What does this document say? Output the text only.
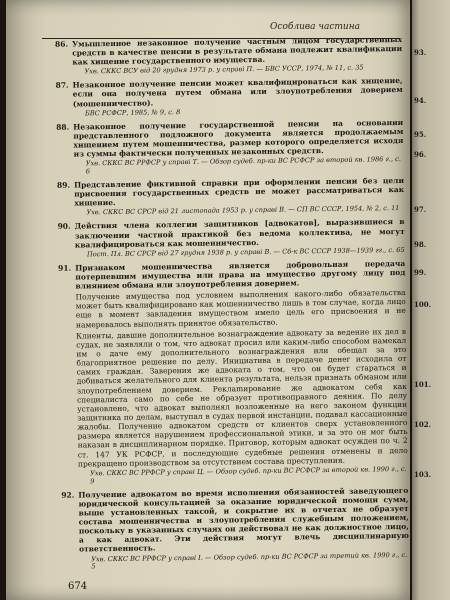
Особлива частина
86. Умышленное незаконное получение частным лицом государственных средств в качестве пенсии в результате обмана подлежит квалификации как хищение государственного имущества.

Ухв. СККС ВСУ від 20 грудня 1973 р. у справі П. — БВС УССР, 1974, № 11, с. 35

87. Незаконное получение пенсии может квалифицироваться как хищение, если она получена путем обмана или злоупотребления доверием (мошенничество).

БВС РСФСР, 1985, № 9, с. 8

88. Незаконное получение государственной пенсии на основании представленного подложного документа является продолжаемым хищением путем мошенничества, размер которого определяется исходя из суммы фактически полученных незаконных средств.

Ухв. СККС ВС РРФСР у справі Т. — Обзор судеб. пр-ки ВС РСФСР за второй кв. 1986 г., с. 6

89. Представление фиктивной справки при оформлении пенсии без цели присвоения государственных средств не может рассматриваться как хищение.

Ухв. СККС ВС СРСР від 21 листопада 1953 р. у справі В. — СП ВС СССР, 1954, № 2, с. 11

90. Действия члена коллегии защитников [адвокатов], выразившиеся в заключении частной практикой без ведома коллектива, не могут квалифицироваться как мошенничество.

Пост. Пл. ВС СРСР від 27 грудня 1938 р. у справі В. — Сб-к ВС СССР 1938—1939 гг., с. 65

91. Признаком мошенничества является добровольная передача потерпевшим имущества или права на имущество другому лицу под влиянием обмана или злоупотребления доверием.

Получение имущества под условием выполнения какого-либо обязательства может быть квалифицировано как мошенничество лишь в том случае, когда лицо еще в момент завладения имуществом имело цель его присвоения и не намеревалось выполнять принятое обязательство.

Клиенты, давшие дополнительное вознаграждение адвокату за ведение их дел в судах, не заявляли о том, что адвокат просил или каким-либо способом намекал им о даче ему дополнительного вознаграждения или обещал за это благоприятное решение по делу. Инициатива в передаче денег исходила от самих граждан. Заверения же адвоката о том, что он будет стараться и добиваться желательного для клиента результата, нельзя признать обманом или злоупотреблением доверием. Реклamирование же адвокатом себя как специалиста само по себе не образует противоправного деяния. По делу установлено, что адвокат выполнял возложенные на него законом функции защитника по делам, выступал в судах первой инстанции, подавал кассационные жалобы. Получение адвокатом средств от клиентов сверх установленного размера является нарушением профессиональной этики, и за это он мог быть наказан в дисциплинарном порядке. Приговор, которым адвокат осужден по ч. 2 ст. 147 УК РСФСР, и последующие судебные решения отменены и дело прекращено производством за отсутствием состава преступления.

Ухв. СККС ВС РРФСР у справі Ц. — Обзор судеб. пр-ки ВС РСФСР за второй кв. 1990 г., с. 9

92. Получение адвокатом во время исполнения обязанностей заведующего юридической консультацией за оказание юридической помощи сумм, выше установленных таксой, и сокрытие их в отчетах не образует состава мошенничества и злоупотребления служебным положением, поскольку в указанных случаях он действовал не как должностное лицо, а как адвокат. Эти действия могут влечь дисциплинарную ответственность.

Ухв. СККС ВС РРФСР у справі I. — Обзор судеб. пр-ки ВС РСФСР за третий кв. 1990 г., с. 5

674
93.
94.
95.
96.
97.
98.
99.
100.
101.
102.
103.
